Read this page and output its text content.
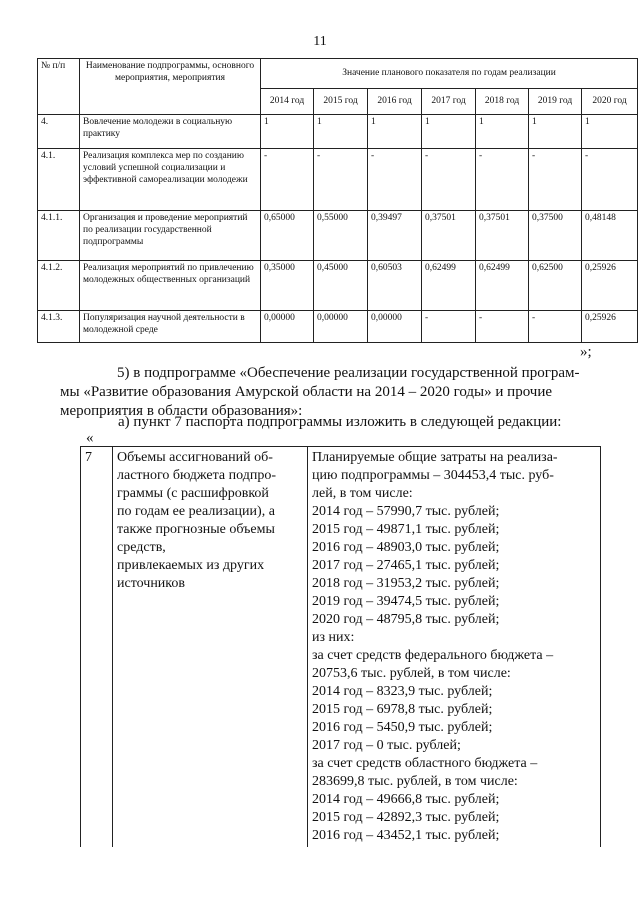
11
№ п/п	Наименование подпрограммы, основного мероприятия, мероприятия	Значение планового показателя по годам реализации						
		2014 год	2015 год	2016 год	2017 год	2018 год	2019 год	2020 год
4.	Вовлечение молодежи в социальную практику	1	1	1	1	1	1	1
4.1.	Реализация комплекса мер по созданию условий успешной социализации и эффективной самореализации молодежи	-	-	-	-	-	-	-
4.1.1.	Организация и проведение мероприятий по реализации государственной подпрограммы	0,65000	0,55000	0,39497	0,37501	0,37501	0,37500	0,48148
4.1.2.	Реализация мероприятий по привлечению молодежных общественных организаций	0,35000	0,45000	0,60503	0,62499	0,62499	0,62500	0,25926
4.1.3.	Популяризация научной деятельности в молодежной среде	0,00000	0,00000	0,00000	-	-	-	0,25926
»;
5) в подпрограмме «Обеспечение реализации государственной програм-
мы «Развитие образования Амурской области на 2014 – 2020 годы» и прочие
мероприятия в области образования»:
а) пункт 7 паспорта подпрограммы изложить в следующей редакции:
«
7	Объемы ассигнований об-
ластного бюджета подпро-
граммы (с расшифровкой
по годам ее реализации), а
также прогнозные объемы
средств,
привлекаемых из других
источников

Планируемые общие затраты на реализа-
цию подпрограммы – 304453,4 тыс. руб-
лей, в том числе:
2014 год – 57990,7 тыс. рублей;
2015 год – 49871,1 тыс. рублей;
2016 год – 48903,0 тыс. рублей;
2017 год – 27465,1 тыс. рублей;
2018 год – 31953,2 тыс. рублей;
2019 год – 39474,5 тыс. рублей;
2020 год – 48795,8 тыс. рублей;
из них:
за счет средств федерального бюджета –
20753,6 тыс. рублей, в том числе:
2014 год – 8323,9 тыс. рублей;
2015 год – 6978,8 тыс. рублей;
2016 год – 5450,9 тыс. рублей;
2017 год – 0 тыс. рублей;
за счет средств областного бюджета –
283699,8 тыс. рублей, в том числе:
2014 год – 49666,8 тыс. рублей;
2015 год – 42892,3 тыс. рублей;
2016 год – 43452,1 тыс. рублей;
